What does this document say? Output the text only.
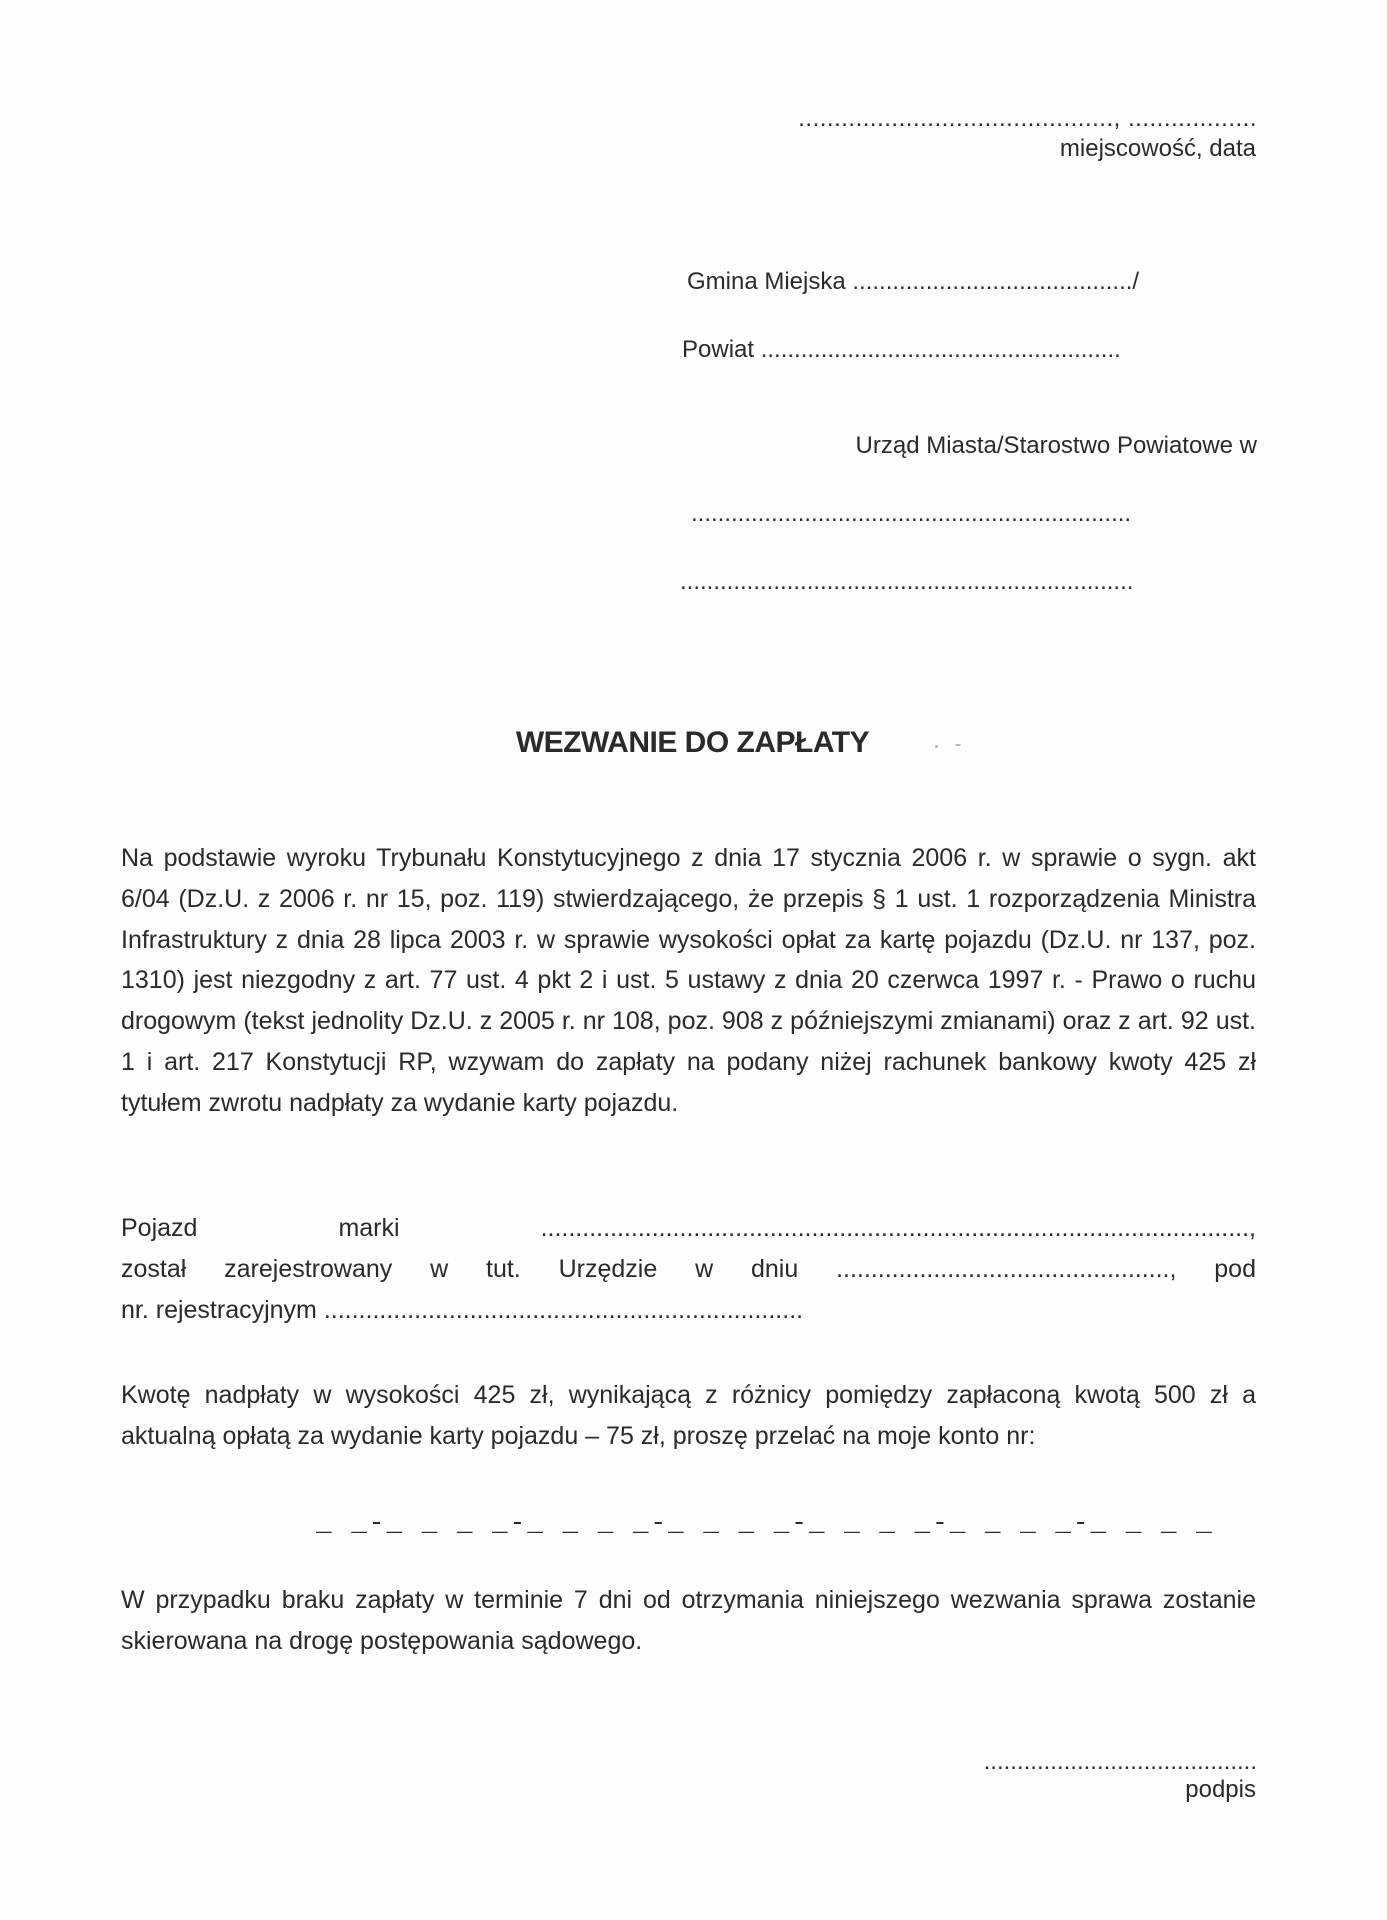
............................................, ..................
miejscowość, data
Gmina Miejska ........................................../
Powiat ......................................................
Urząd Miasta/Starostwo Powiatowe w
..................................................................
....................................................................
WEZWANIE DO ZAPŁATY
Na podstawie wyroku Trybunału Konstytucyjnego z dnia 17 stycznia 2006 r. w sprawie o sygn. akt 6/04 (Dz.U. z 2006 r. nr 15, poz. 119) stwierdzającego, że przepis § 1 ust. 1 rozporządzenia Ministra Infrastruktury z dnia 28 lipca 2003 r. w sprawie wysokości opłat za kartę pojazdu (Dz.U. nr 137, poz. 1310) jest niezgodny z art. 77 ust. 4 pkt 2 i ust. 5 ustawy z dnia 20 czerwca 1997 r. - Prawo o ruchu drogowym (tekst jednolity Dz.U. z 2005 r. nr 108, poz. 908 z późniejszymi zmianami) oraz z art. 92 ust. 1 i art. 217 Konstytucji RP, wzywam do zapłaty na podany niżej rachunek bankowy kwoty 425 zł tytułem zwrotu nadpłaty za wydanie karty pojazdu.
Pojazd marki ......................................................................................................,
został zarejestrowany w tut. Urzędzie w dniu ................................................, pod
nr. rejestracyjnym .....................................................................
Kwotę nadpłaty w wysokości 425 zł, wynikającą z różnicy pomiędzy zapłaconą kwotą 500 zł a aktualną opłatą za wydanie karty pojazdu – 75 zł, proszę przelać na moje konto nr:
_ _-_ _ _ _-_ _ _ _-_ _ _ _-_ _ _ _-_ _ _ _-_ _ _ _
W przypadku braku zapłaty w terminie 7 dni od otrzymania niniejszego wezwania sprawa zostanie skierowana na drogę postępowania sądowego.
.........................................
podpis
